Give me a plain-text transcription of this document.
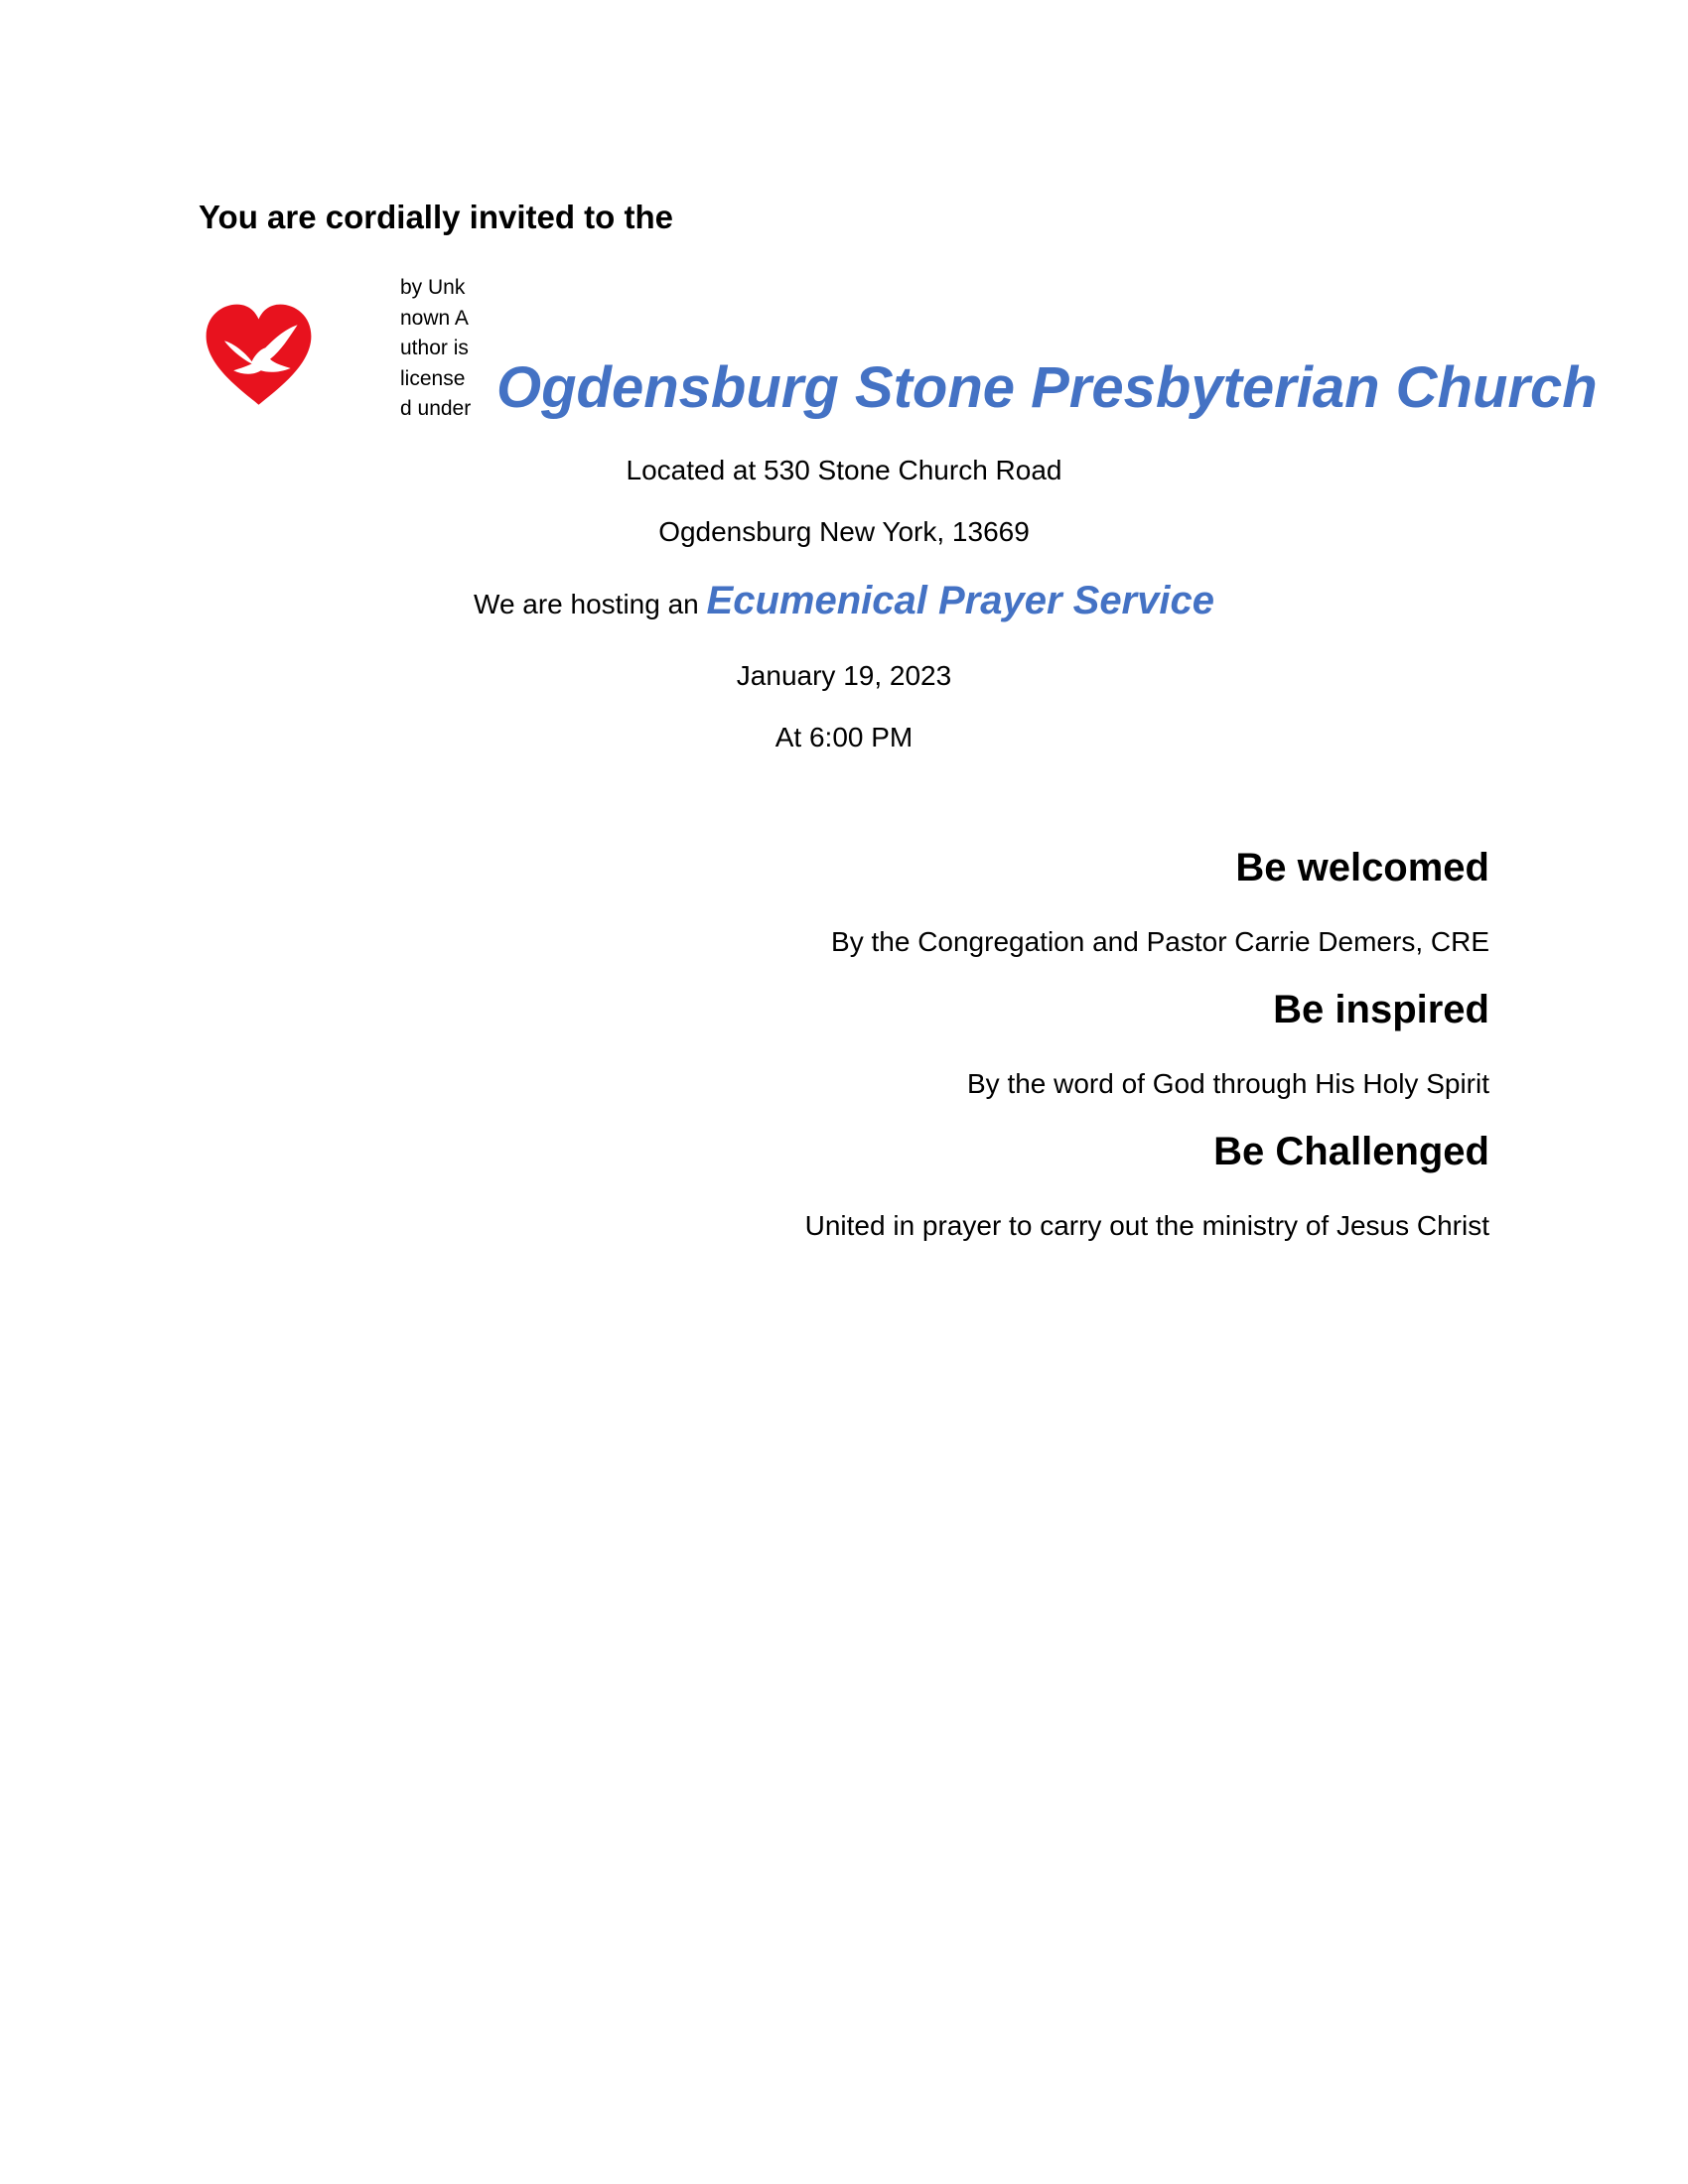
You are cordially invited to the
by Unknown Author is licensed under Ogdensburg Stone Presbyterian Church
Located at 530 Stone Church Road
Ogdensburg New York, 13669
We are hosting an Ecumenical Prayer Service
January 19, 2023
At 6:00 PM
Be welcomed
By the Congregation and Pastor Carrie Demers, CRE
Be inspired
By the word of God through His Holy Spirit
Be Challenged
United in prayer to carry out the ministry of Jesus Christ
